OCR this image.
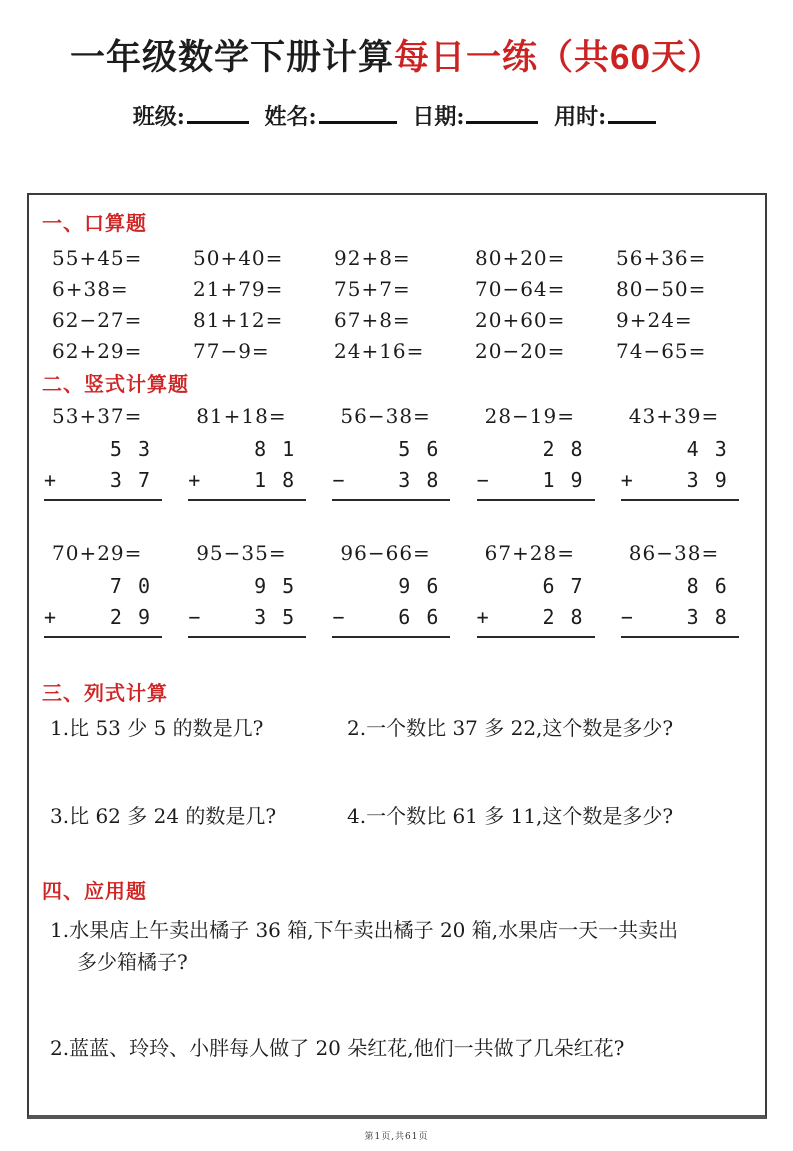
一年级数学下册计算每日一练（共60天）
班级:	姓名:	日期:	用时:
一、口算题
55+45=	50+40=	92+8=	80+20=	56+36=
6+38=	21+79=	75+7=	70−64=	80−50=
62−27=	81+12=	67+8=	20+60=	9+24=
62+29=	77−9=	24+16=	20−20=	74−65=
二、竖式计算题
53+37=
5 3
+	3 7
81+18=
8 1
+	1 8
56−38=
5 6
−	3 8
28−19=
2 8
−	1 9
43+39=
4 3
+	3 9
70+29=
7 0
+	2 9
95−35=
9 5
−	3 5
96−66=
9 6
−	6 6
67+28=
6 7
+	2 8
86−38=
8 6
−	3 8
三、列式计算
1.比 53 少 5 的数是几?	2.一个数比 37 多 22,这个数是多少?
3.比 62 多 24 的数是几?	4.一个数比 61 多 11,这个数是多少?
四、应用题
1.水果店上午卖出橘子 36 箱,下午卖出橘子 20 箱,水果店一天一共卖出
多少箱橘子?
2.蓝蓝、玲玲、小胖每人做了 20 朵红花,他们一共做了几朵红花?
第1页,共61页
